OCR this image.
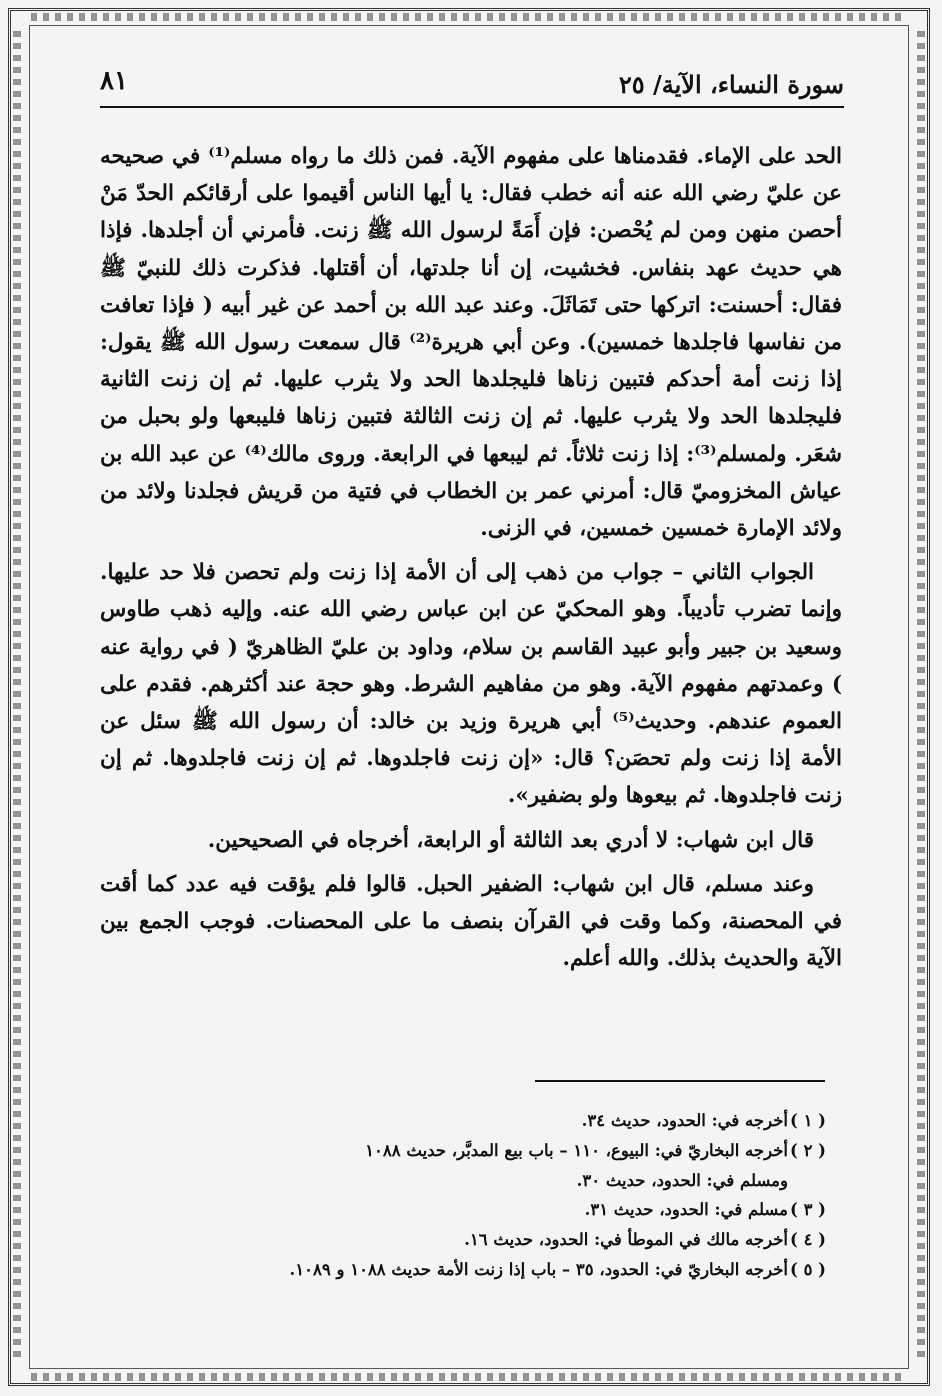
سورة النساء، الآية/ ٢٥
٨١

الحد على الإماء. فقدمناها على مفهوم الآية. فمن ذلك ما رواه مسلم⁽¹⁾ في صحيحه عن عليّ رضي الله عنه أنه خطب فقال: يا أيها الناس أقيموا على أرقائكم الحدّ مَنْ أحصن منهن ومن لم يُحْصن: فإن أَمَةً لرسول الله ﷺ زنت. فأمرني أن أجلدها. فإذا هي حديث عهد بنفاس. فخشيت، إن أنا جلدتها، أن أقتلها. فذكرت ذلك للنبيّ ﷺ فقال: أحسنت: اتركها حتى تَمَاثَلَ. وعند عبد الله بن أحمد عن غير أبيه ( فإذا تعافت من نفاسها فاجلدها خمسين). وعن أبي هريرة⁽²⁾ قال سمعت رسول الله ﷺ يقول: إذا زنت أمة أحدكم فتبين زناها فليجلدها الحد ولا يثرب عليها. ثم إن زنت الثانية فليجلدها الحد ولا يثرب عليها. ثم إن زنت الثالثة فتبين زناها فليبعها ولو بحبل من شعَر. ولمسلم⁽³⁾: إذا زنت ثلاثاً. ثم ليبعها في الرابعة. وروى مالك⁽⁴⁾ عن عبد الله بن عياش المخزوميّ قال: أمرني عمر بن الخطاب في فتية من قريش فجلدنا ولائد من ولائد الإمارة خمسين خمسين، في الزنى.

الجواب الثاني – جواب من ذهب إلى أن الأمة إذا زنت ولم تحصن فلا حد عليها. وإنما تضرب تأديباً. وهو المحكيّ عن ابن عباس رضي الله عنه. وإليه ذهب طاوس وسعيد بن جبير وأبو عبيد القاسم بن سلام، وداود بن عليّ الظاهريّ ( في رواية عنه ) وعمدتهم مفهوم الآية. وهو من مفاهيم الشرط. وهو حجة عند أكثرهم. فقدم على العموم عندهم. وحديث⁽⁵⁾ أبي هريرة وزيد بن خالد: أن رسول الله ﷺ سئل عن الأمة إذا زنت ولم تحصَن؟ قال: «إن زنت فاجلدوها. ثم إن زنت فاجلدوها. ثم إن زنت فاجلدوها. ثم بيعوها ولو بضفير».

قال ابن شهاب: لا أدري بعد الثالثة أو الرابعة، أخرجاه في الصحيحين.

وعند مسلم، قال ابن شهاب: الضفير الحبل. قالوا فلم يؤقت فيه عدد كما أقت في المحصنة، وكما وقت في القرآن بنصف ما على المحصنات. فوجب الجمع بين الآية والحديث بذلك. والله أعلم.

( ١ )أخرجه في: الحدود، حديث ٣٤.

( ٢ )أخرجه البخاريّ في: البيوع، ١١٠ – باب بيع المدبَّر، حديث ١٠٨٨

ومسلم في: الحدود، حديث ٣٠.

( ٣ )مسلم في: الحدود، حديث ٣١.

( ٤ )أخرجه مالك في الموطأ في: الحدود، حديث ١٦.

( ٥ )أخرجه البخاريّ في: الحدود، ٣٥ – باب إذا زنت الأمة حديث ١٠٨٨ و ١٠٨٩.
